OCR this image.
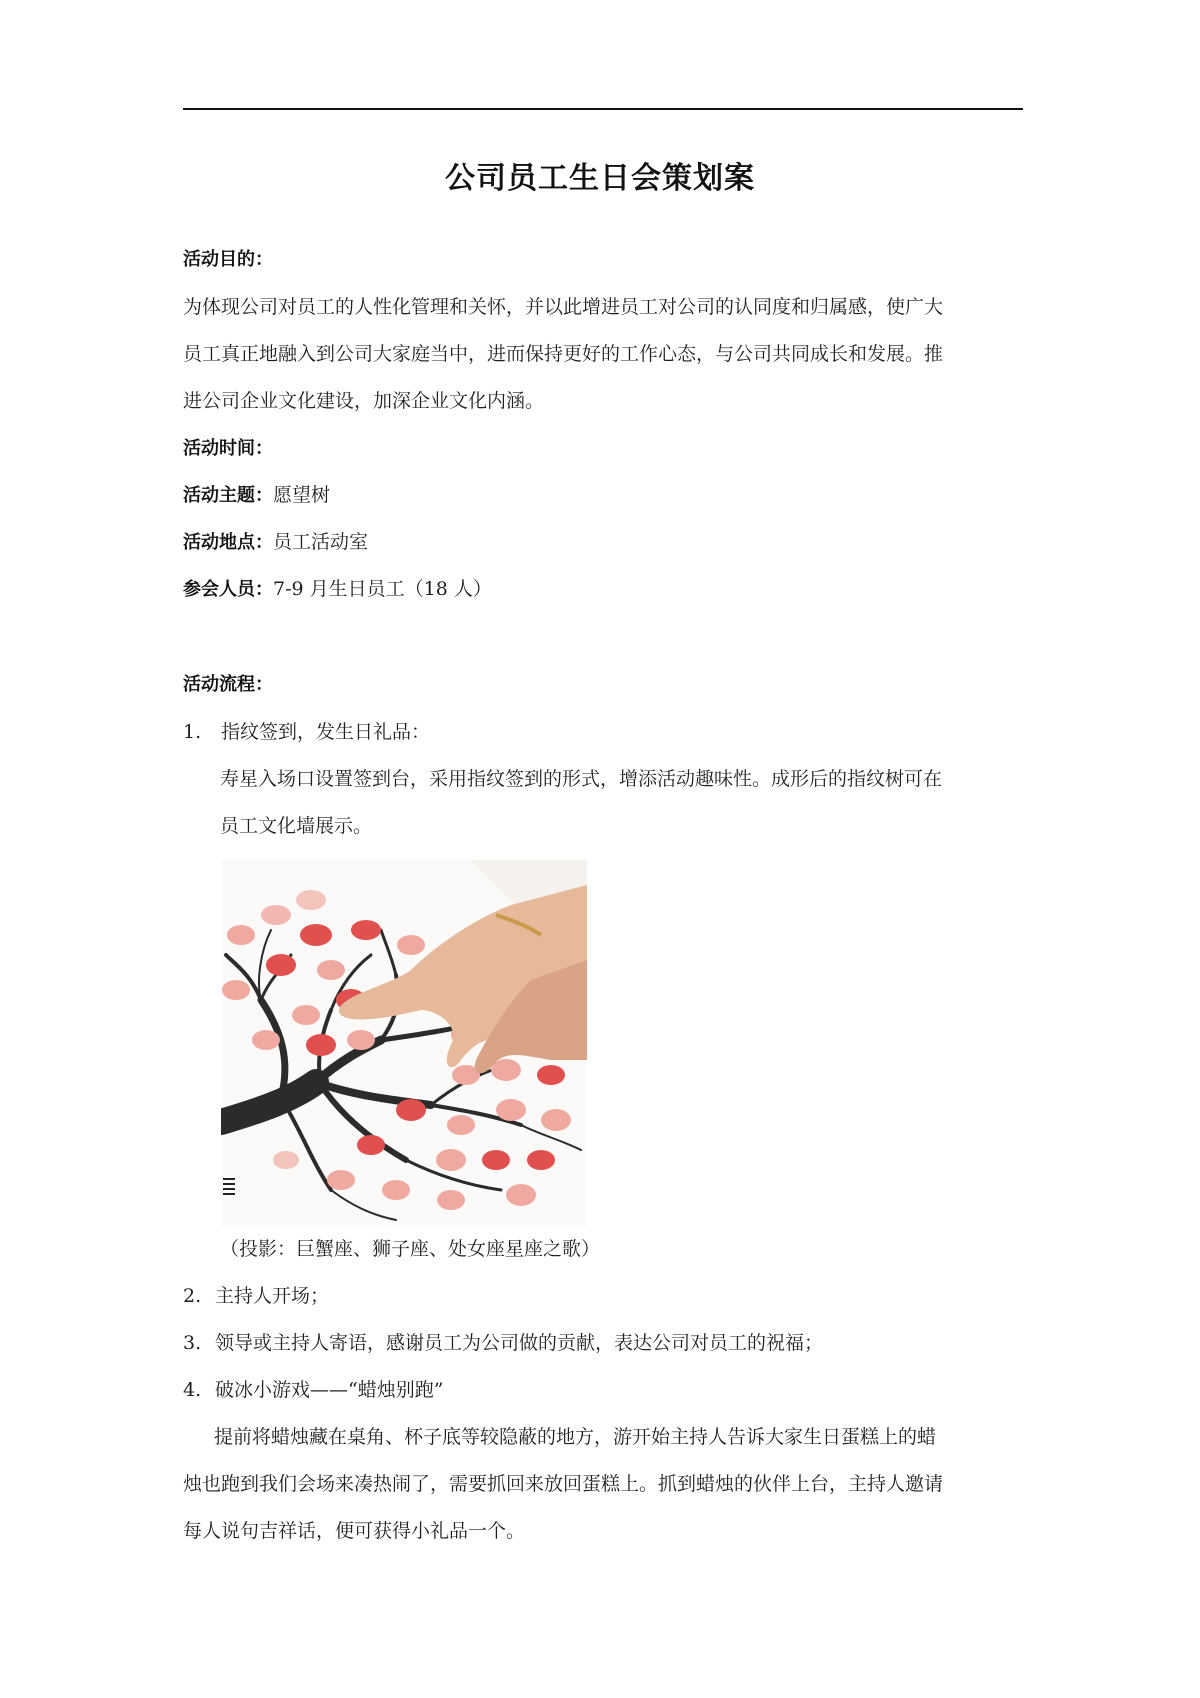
公司员工生日会策划案
活动目的：
为体现公司对员工的人性化管理和关怀，并以此增进员工对公司的认同度和归属感，使广大
员工真正地融入到公司大家庭当中，进而保持更好的工作心态，与公司共同成长和发展。推
进公司企业文化建设，加深企业文化内涵。
活动时间：
活动主题：愿望树
活动地点：员工活动室
参会人员：7-9 月生日员工（18 人）
活动流程：
1. 指纹签到，发生日礼品：
寿星入场口设置签到台，采用指纹签到的形式，增添活动趣味性。成形后的指纹树可在
员工文化墙展示。
（投影：巨蟹座、狮子座、处女座星座之歌）
2. 主持人开场；
3. 领导或主持人寄语，感谢员工为公司做的贡献，表达公司对员工的祝福；
4. 破冰小游戏——“蜡烛别跑”
提前将蜡烛藏在桌角、杯子底等较隐蔽的地方，游开始主持人告诉大家生日蛋糕上的蜡
烛也跑到我们会场来凑热闹了，需要抓回来放回蛋糕上。抓到蜡烛的伙伴上台，主持人邀请
每人说句吉祥话，便可获得小礼品一个。
